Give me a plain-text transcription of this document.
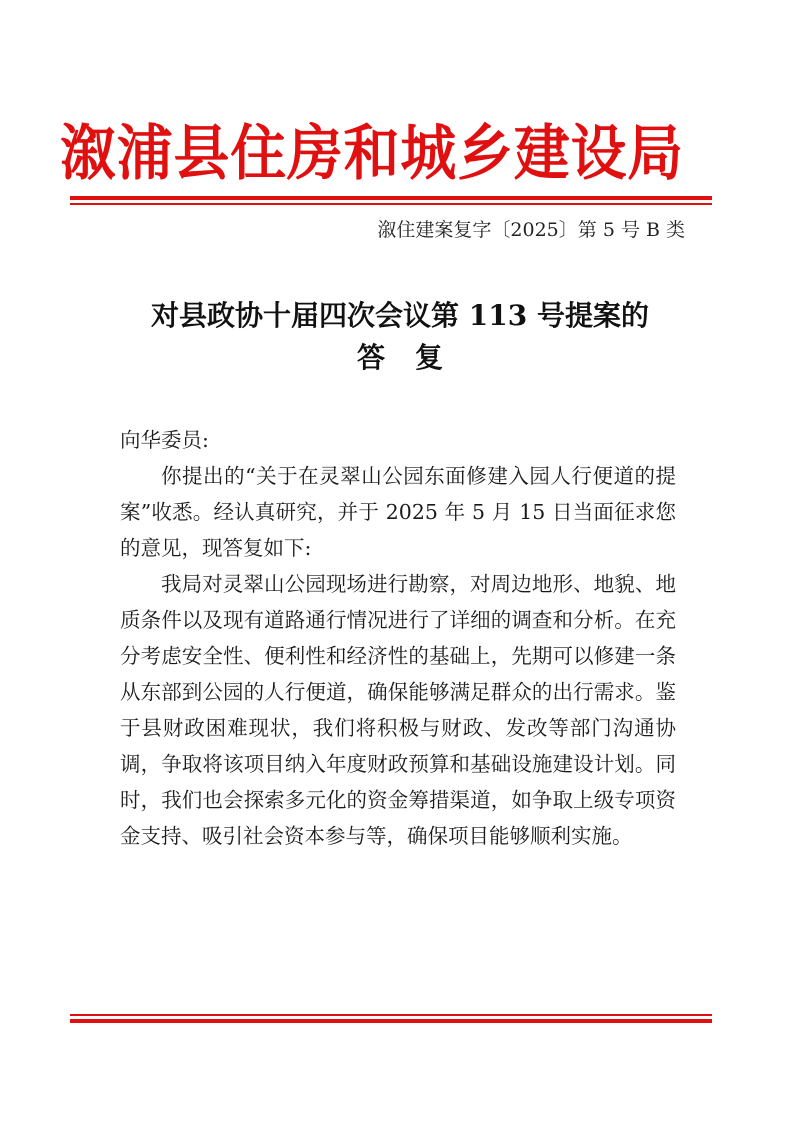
溆浦县住房和城乡建设局
溆住建案复字〔2025〕第 5 号 B 类
对县政协十届四次会议第 113 号提案的
答复
向华委员:

你提出的“关于在灵翠山公园东面修建入园人行便道的提案”收悉。经认真研究，并于 2025 年 5 月 15 日当面征求您的意见，现答复如下:

我局对灵翠山公园现场进行勘察，对周边地形、地貌、地质条件以及现有道路通行情况进行了详细的调查和分析。在充分考虑安全性、便利性和经济性的基础上，先期可以修建一条从东部到公园的人行便道，确保能够满足群众的出行需求。鉴于县财政困难现状，我们将积极与财政、发改等部门沟通协调，争取将该项目纳入年度财政预算和基础设施建设计划。同时，我们也会探索多元化的资金筹措渠道，如争取上级专项资金支持、吸引社会资本参与等，确保项目能够顺利实施。
